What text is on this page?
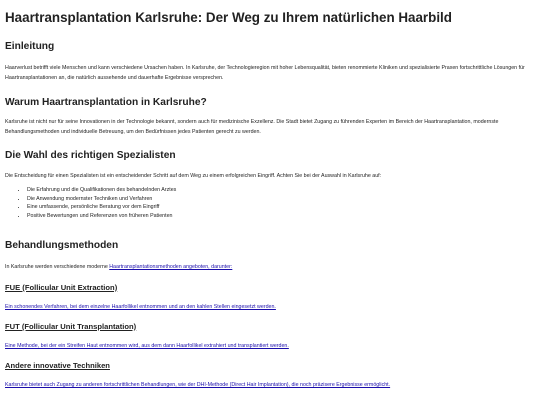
Haartransplantation Karlsruhe: Der Weg zu Ihrem natürlichen Haarbild
Einleitung

Haarverlust betrifft viele Menschen und kann verschiedene Ursachen haben. In Karlsruhe, der Technologieregion mit hoher Lebensqualität, bieten renommierte Kliniken und spezialisierte Praxen fortschrittliche Lösungen für Haartransplantationen an, die natürlich aussehende und dauerhafte Ergebnisse versprechen.

Warum Haartransplantation in Karlsruhe?

Karlsruhe ist nicht nur für seine Innovationen in der Technologie bekannt, sondern auch für medizinische Exzellenz. Die Stadt bietet Zugang zu führenden Experten im Bereich der Haartransplantation, modernste Behandlungsmethoden und individuelle Betreuung, um den Bedürfnissen jedes Patienten gerecht zu werden.

Die Wahl des richtigen Spezialisten

Die Entscheidung für einen Spezialisten ist ein entscheidender Schritt auf dem Weg zu einem erfolgreichen Eingriff. Achten Sie bei der Auswahl in Karlsruhe auf:

• Die Erfahrung und die Qualifikationen des behandelnden Arztes
• Die Anwendung modernster Techniken und Verfahren
• Eine umfassende, persönliche Beratung vor dem Eingriff
• Positive Bewertungen und Referenzen von früheren Patienten
Behandlungsmethoden

In Karlsruhe werden verschiedene moderne Haartransplantationsmethoden angeboten, darunter:

FUE (Follicular Unit Extraction)

Ein schonendes Verfahren, bei dem einzelne Haarfollikel entnommen und an den kahlen Stellen eingesetzt werden.

FUT (Follicular Unit Transplantation)

Eine Methode, bei der ein Streifen Haut entnommen wird, aus dem dann Haarfollikel extrahiert und transplantiert werden.

Andere innovative Techniken

Karlsruhe bietet auch Zugang zu anderen fortschrittlichen Behandlungen, wie der DHI-Methode (Direct Hair Implantation), die noch präzisere Ergebnisse ermöglicht.
